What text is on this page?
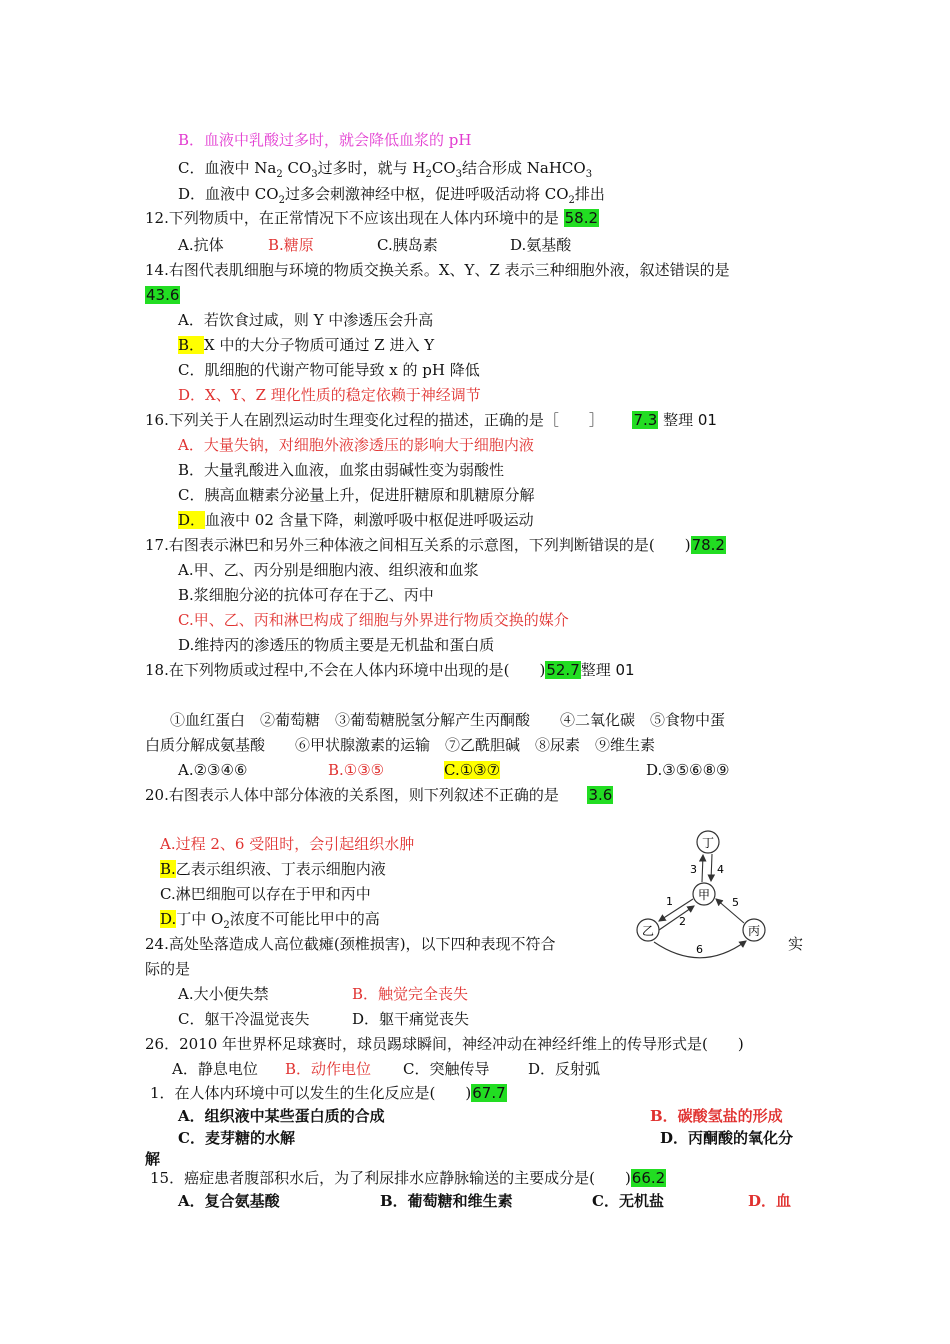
B．血液中乳酸过多时，就会降低血浆的 pH
C．血液中 $Na_2$ $CO_3$过多时，就与 $H_2CO_3$结合形成 NaHCO$_3$
D．血液中 $CO_2$过多会刺激神经中枢，促进呼吸活动将 $CO_2$排出
12.下列物质中，在正常情况下不应该出现在人体内环境中的是 58.2
A.抗体	B.糖原	C.胰岛素	D.氨基酸
14.右图代表肌细胞与环境的物质交换关系。X、Y、Z 表示三种细胞外液，叙述错误的是
43.6
A．若饮食过咸，则 Y 中渗透压会升高
B．X 中的大分子物质可通过 Z 进入 Y
C．肌细胞的代谢产物可能导致 x 的 pH 降低
D．X、Y、Z 理化性质的稳定依赖于神经调节
16.下列关于人在剧烈运动时生理变化过程的描述，正确的是［　　］ 7.3 整理 01
A．大量失钠，对细胞外液渗透压的影响大于细胞内液
B．大量乳酸进入血液，血浆由弱碱性变为弱酸性
C．胰高血糖素分泌量上升，促进肝糖原和肌糖原分解
D．血液中 02 含量下降，刺激呼吸中枢促进呼吸运动
17.右图表示淋巴和另外三种体液之间相互关系的示意图，下列判断错误的是(　　)78.2
A.甲、乙、丙分别是细胞内液、组织液和血浆
B.浆细胞分泌的抗体可存在于乙、丙中
C.甲、乙、丙和淋巴构成了细胞与外界进行物质交换的媒介
D.维持丙的渗透压的物质主要是无机盐和蛋白质
18.在下列物质或过程中,不会在人体内环境中出现的是(　　)52.7整理 01
①血红蛋白　②葡萄糖　③葡萄糖脱氢分解产生丙酮酸　　④二氧化碳　⑤食物中蛋
白质分解成氨基酸　　⑥甲状腺激素的运输　⑦乙酰胆碱　⑧尿素　⑨维生素
A.②③④⑥	B.①③⑤	C.①③⑦	D.③⑤⑥⑧⑨
20.右图表示人体中部分体液的关系图，则下列叙述不正确的是 3.6
A.过程 2、6 受阻时，会引起组织水肿
B.乙表示组织液、丁表示细胞内液
C.淋巴细胞可以存在于甲和丙中
D.丁中 $O_2$浓度不可能比甲中的高
丁
甲
乙	丙
3 4
1
2
5
6
24.高处坠落造成人高位截瘫(颈椎损害)，以下四种表现不符合	实
际的是
A.大小便失禁	B．触觉完全丧失
C．躯干冷温觉丧失	D．躯干痛觉丧失
26．2010 年世界杯足球赛时，球员踢球瞬间，神经冲动在神经纤维上的传导形式是(　　)
A．静息电位 B．动作电位 C．突触传导	D．反射弧
1．在人体内环境中可以发生的生化反应是(　　)67.7
A．组织液中某些蛋白质的合成	B．碳酸氢盐的形成
C．麦芽糖的水解	D．丙酮酸的氧化分
解
15．癌症患者腹部积水后，为了利尿排水应静脉输送的主要成分是(　　)66.2
A．复合氨基酸	B．葡萄糖和维生素	C．无机盐	D．血
